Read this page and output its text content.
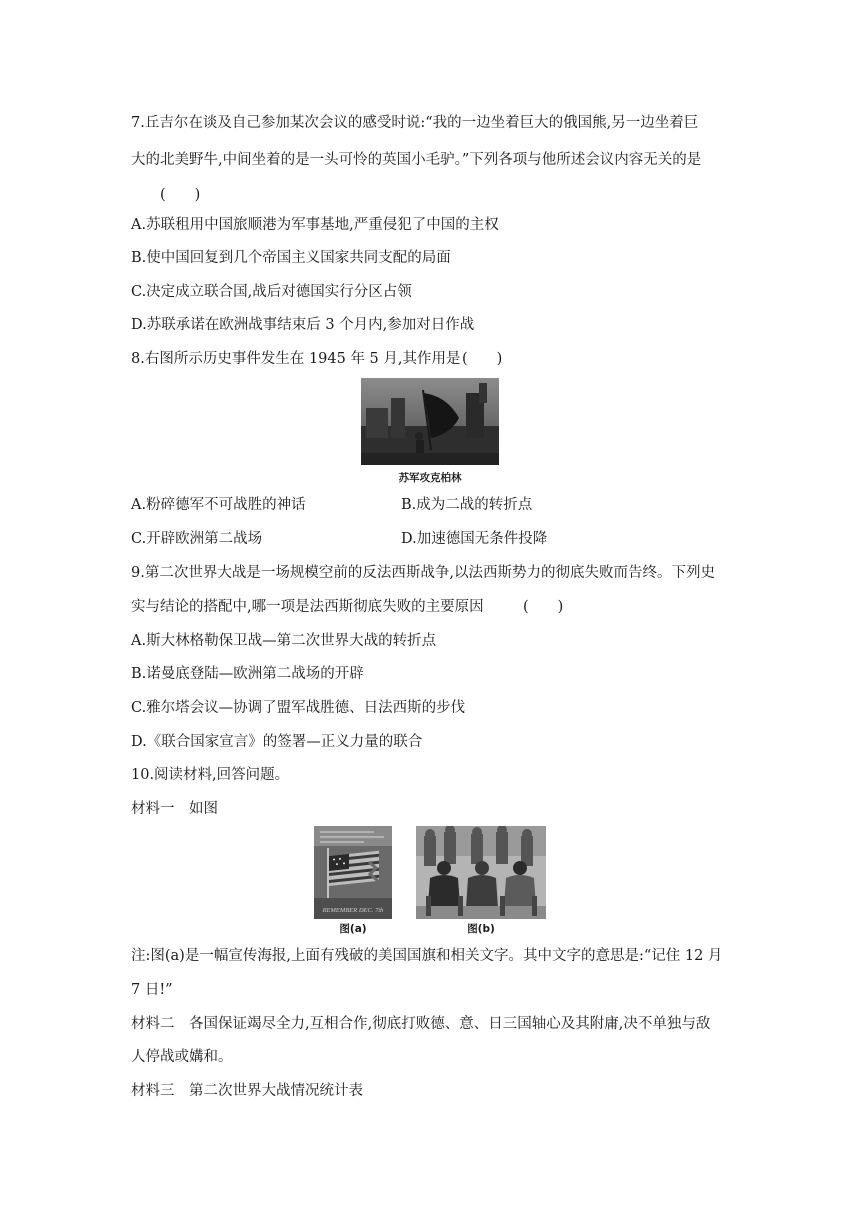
7.丘吉尔在谈及自己参加某次会议的感受时说:“我的一边坐着巨大的俄国熊,另一边坐着巨
大的北美野牛,中间坐着的是一头可怜的英国小毛驴。”下列各项与他所述会议内容无关的是
(　　)
A.苏联租用中国旅顺港为军事基地,严重侵犯了中国的主权
B.使中国回复到几个帝国主义国家共同支配的局面
C.决定成立联合国,战后对德国实行分区占领
D.苏联承诺在欧洲战事结束后 3 个月内,参加对日作战
8.右图所示历史事件发生在 1945 年 5 月,其作用是 (　　)
苏军攻克柏林
A.粉碎德军不可战胜的神话	B.成为二战的转折点
C.开辟欧洲第二战场	D.加速德国无条件投降
9.第二次世界大战是一场规模空前的反法西斯战争,以法西斯势力的彻底失败而告终。下列史
实与结论的搭配中,哪一项是法西斯彻底失败的主要原因	(　　)
A.斯大林格勒保卫战—第二次世界大战的转折点
B.诺曼底登陆—欧洲第二战场的开辟
C.雅尔塔会议—协调了盟军战胜德、日法西斯的步伐
D.《联合国家宣言》的签署—正义力量的联合
10.阅读材料,回答问题。
材料一　如图
REMEMBER DEC. 7th
图(a)	图(b)
注:图(a)是一幅宣传海报,上面有残破的美国国旗和相关文字。其中文字的意思是:“记住 12 月
7 日!”
材料二　各国保证竭尽全力,互相合作,彻底打败德、意、日三国轴心及其附庸,决不单独与敌
人停战或媾和。
材料三　第二次世界大战情况统计表
